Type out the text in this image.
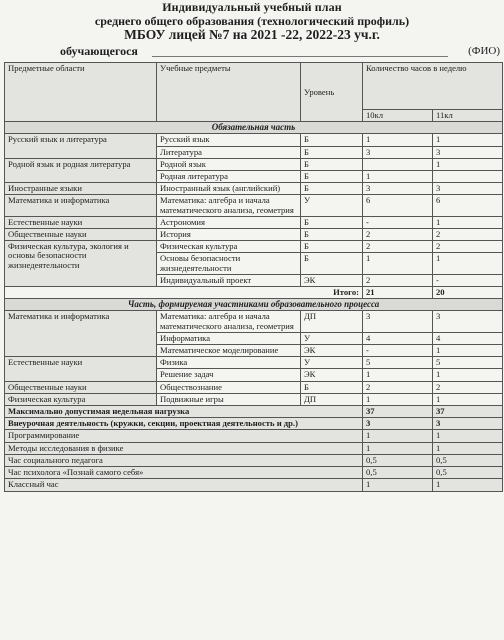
Индивидуальный учебный план
среднего общего образования (технологический профиль)
МБОУ лицей №7 на 2021 -22, 2022-23 уч.г.
обучающегося	(ФИО)
Предметные области	Учебные предметы	Уровень	Количество часов в неделю	
			10кл	11кл
Обязательная часть				
Русский язык и литература	Русский язык	Б	1	1
	Литература	Б	3	3
Родной язык и родная литература	Родной язык	Б		1
	Родная литература	Б	1	
Иностранные языки	Иностранный язык (английский)	Б	3	3
Математика и информатика	Математика: алгебра и начала математического анализа, геометрия	У	6	6
Естественные науки	Астрономия	Б	-	1
Общественные науки	История	Б	2	2
Физическая культура, экология и основы безопасности жизнедеятельности	Физическая культура	Б	2	2
	Основы безопасности жизнедеятельности	Б	1	1
	Индивидуальный проект	ЭК	2	-
Итого:			21	20
Часть, формируемая участниками образовательного процесса				
Математика и информатика	Математика: алгебра и начала математического анализа, геометрия	ДП	3	3
	Информатика	У	4	4
	Математическое моделирование	ЭК	-	1
Естественные науки	Физика	У	5	5
	Решение задач	ЭК	1	1
Общественные науки	Обществознание	Б	2	2
Физическая культура	Подвижные игры	ДП	1	1
Максимально допустимая недельная нагрузка			37	37
Внеурочная деятельность (кружки, секции, проектная деятельность и др.)			3	3
Программирование			1	1
Методы исследования в физике			1	1
Час социального педагога			0,5	0,5
Час психолога «Познай самого себя»			0,5	0,5
Классный час			1	1
